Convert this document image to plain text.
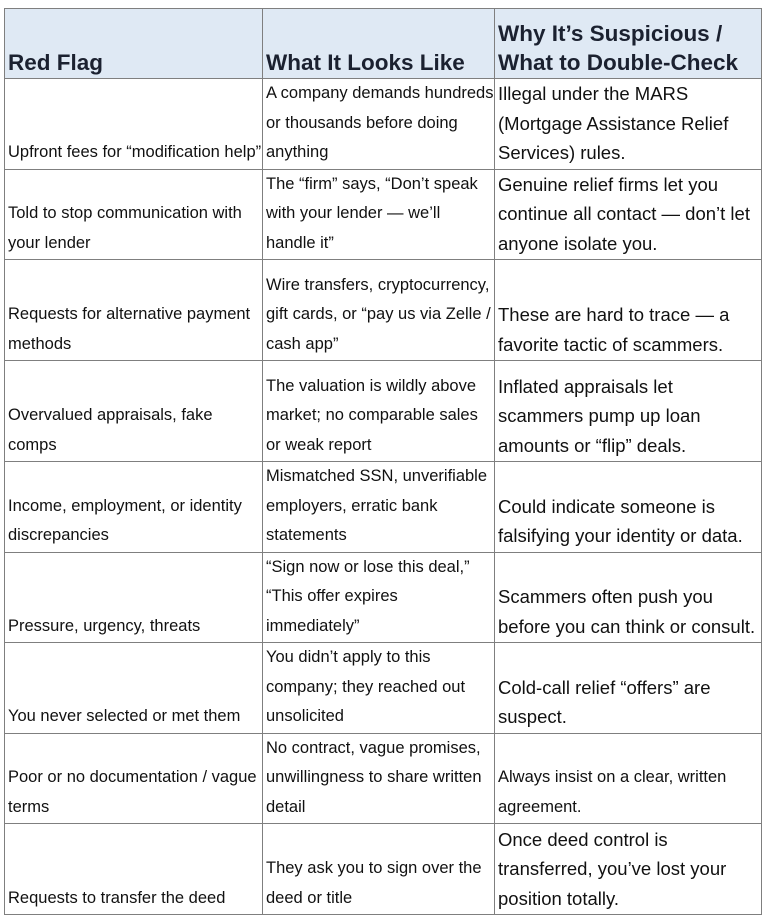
Red Flag	What It Looks Like	Why It’s Suspicious / What to Double-Check
Upfront fees for “modification help”	A company demands hundreds or thousands before doing anything	Illegal under the MARS (Mortgage Assistance Relief Services) rules.
Told to stop communication with your lender	The “firm” says, “Don’t speak with your lender — we’ll handle it”	Genuine relief firms let you continue all contact — don’t let anyone isolate you.
Requests for alternative payment methods	Wire transfers, cryptocurrency, gift cards, or “pay us via Zelle / cash app”	These are hard to trace — a favorite tactic of scammers.
Overvalued appraisals, fake comps	The valuation is wildly above market; no comparable sales or weak report	Inflated appraisals let scammers pump up loan amounts or “flip” deals.
Income, employment, or identity discrepancies	Mismatched SSN, unverifiable employers, erratic bank statements	Could indicate someone is falsifying your identity or data.
Pressure, urgency, threats	“Sign now or lose this deal,” “This offer expires immediately”	Scammers often push you before you can think or consult.
You never selected or met them	You didn’t apply to this company; they reached out unsolicited	Cold-call relief “offers” are suspect.
Poor or no documentation / vague terms	No contract, vague promises, unwillingness to share written detail	Always insist on a clear, written agreement.
Requests to transfer the deed	They ask you to sign over the deed or title	Once deed control is transferred, you’ve lost your position totally.
